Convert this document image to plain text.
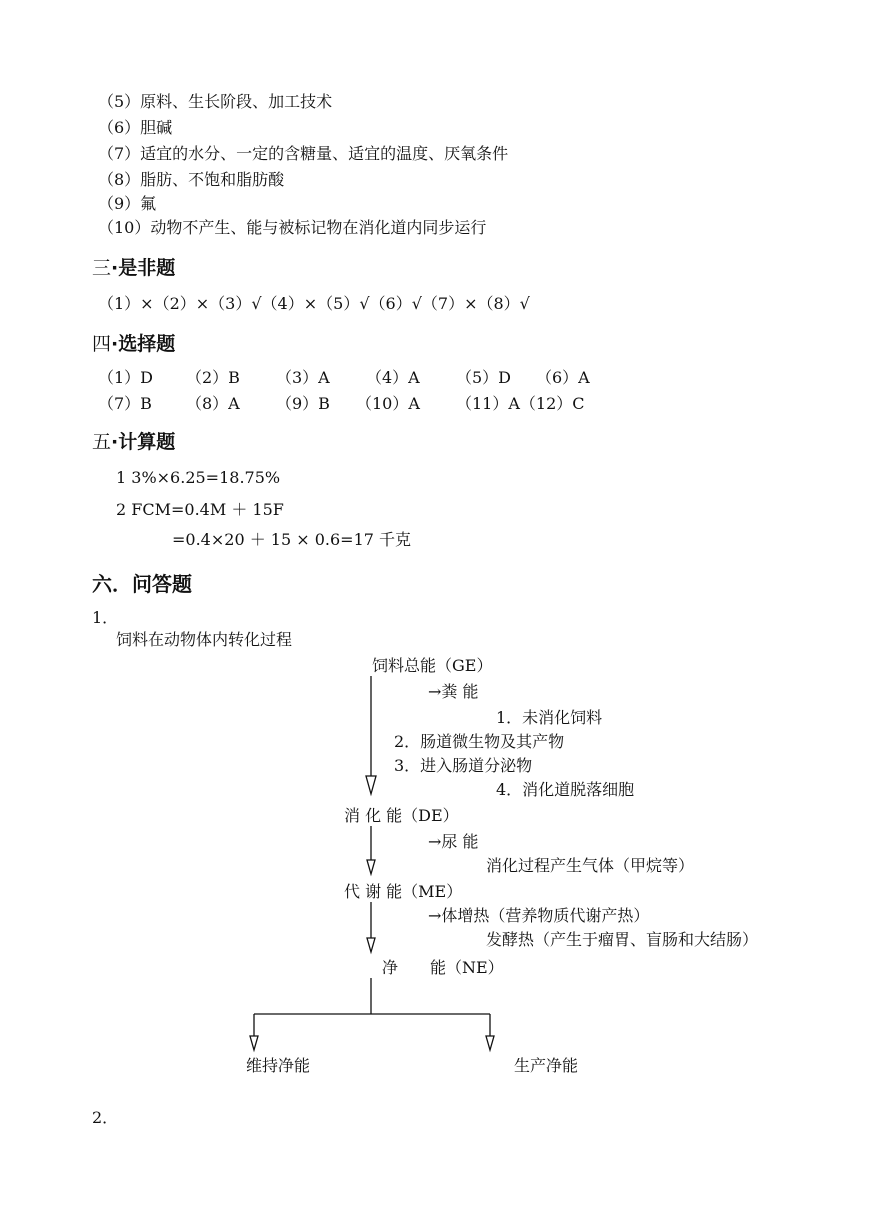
（5）原料、生长阶段、加工技术
（6）胆碱
（7）适宜的水分、一定的含糖量、适宜的温度、厌氧条件
（8）脂肪、不饱和脂肪酸
（9）氟
（10）动物不产生、能与被标记物在消化道内同步运行
三·是非题
（1）×（2）×（3）√（4）×（5）√（6）√（7）×（8）√
四·选择题
（1）D （2）B （3）A （4）A （5）D （6）A
（7）B （8）A （9）B （10）A （11）A（12）C
五·计算题
1 3%×6.25=18.75%
2 FCM=0.4M ＋ 15F
=0.4×20 ＋ 15 × 0.6=17 千克
六．问答题
1．
饲料在动物体内转化过程
饲料总能（GE）
→粪 能
1．未消化饲料
2．肠道微生物及其产物
3．进入肠道分泌物
4．消化道脱落细胞
消 化 能（DE）
→尿 能
消化过程产生气体（甲烷等）
代 谢 能（ME）
→体增热（营养物质代谢产热）
发酵热（产生于瘤胃、盲肠和大结肠）
净　　能（NE）
维持净能	生产净能
2．
